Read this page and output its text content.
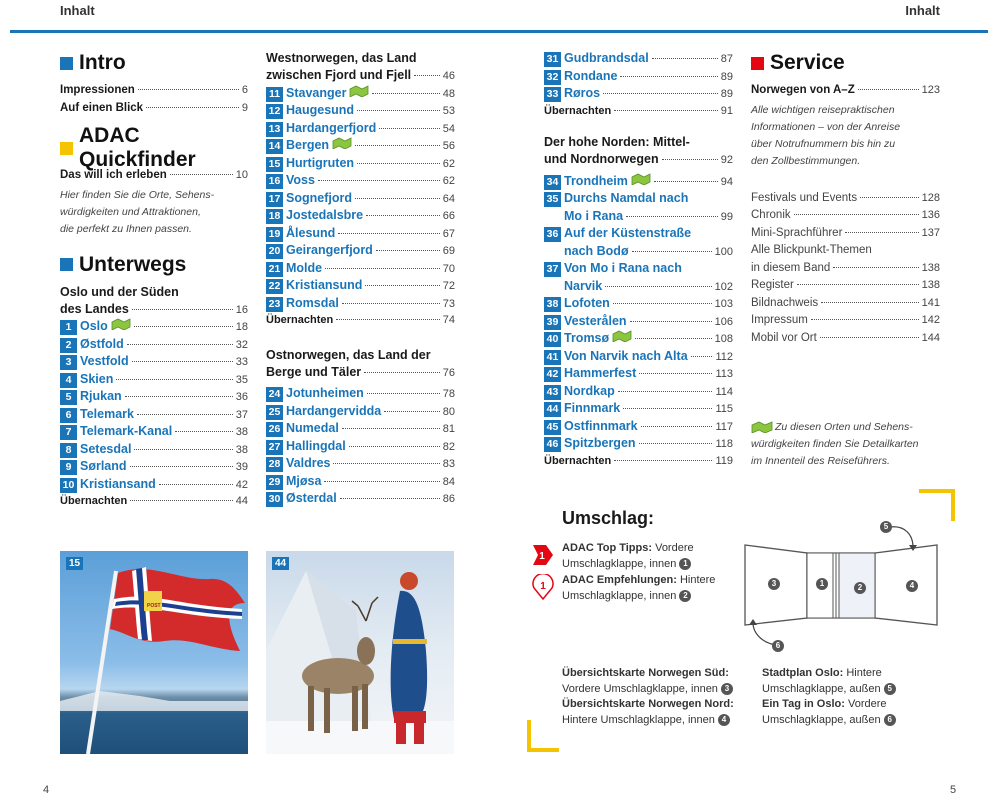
Inhalt	Inhalt
Intro
Impressionen	6
Auf einen Blick	9
ADAC Quickfinder
Das will ich erleben	10
Hier finden Sie die Orte, Sehens-
würdigkeiten und Attraktionen,
die perfekt zu Ihnen passen.
Unterwegs
Oslo und der Süden
des Landes	16
1 Oslo	18
2 Østfold	32
3 Vestfold	33
4 Skien	35
5 Rjukan	36
6 Telemark	37
7 Telemark-Kanal	38
8 Setesdal	38
9 Sørland	39
10 Kristiansand	42
Übernachten	44
Westnorwegen, das Land
zwischen Fjord und Fjell	46
11 Stavanger	48
12 Haugesund	53
13 Hardangerfjord	54
14 Bergen	56
15 Hurtigruten	62
16 Voss	62
17 Sognefjord	64
18 Jostedalsbre	66
19 Ålesund	67
20 Geirangerfjord	69
21 Molde	70
22 Kristiansund	72
23 Romsdal	73
Übernachten	74
Ostnorwegen, das Land der
Berge und Täler	76
24 Jotunheimen	78
25 Hardangervidda	80
26 Numedal	81
27 Hallingdal	82
28 Valdres	83
29 Mjøsa	84
30 Østerdal	86
31 Gudbrandsdal	87
32 Rondane	89
33 Røros	89
Übernachten	91
Der hohe Norden: Mittel-
und Nordnorwegen	92
34 Trondheim	94
35 Durchs Namdal nach
Mo i Rana	99
36 Auf der Küstenstraße
nach Bodø	100
37 Von Mo i Rana nach
Narvik	102
38 Lofoten	103
39 Vesterålen	106
40 Tromsø	108
41 Von Narvik nach Alta	112
42 Hammerfest	113
43 Nordkap	114
44 Finnmark	115
45 Ostfinnmark	117
46 Spitzbergen	118
Übernachten	119
Service
Norwegen von A–Z	123
Alle wichtigen reisepraktischen
Informationen – von der Anreise
über Notrufnummern bis hin zu
den Zollbestimmungen.
Festivals und Events	128
Chronik	136
Mini-Sprachführer	137
Alle Blickpunkt-Themen
in diesem Band	138
Register	138
Bildnachweis	141
Impressum	142
Mobil vor Ort	144
Zu diesen Orten und Sehens-
würdigkeiten finden Sie Detailkarten
im Innenteil des Reiseführers.
15
POST
44
Umschlag:
1
ADAC Top Tipps: Vordere
Umschlagklappe, innen 1
1
ADAC Empfehlungen: Hintere
Umschlagklappe, innen 2
3	1	2	4
5
6
Übersichtskarte Norwegen Süd:
Vordere Umschlagklappe, innen 3
Übersichtskarte Norwegen Nord:
Hintere Umschlagklappe, innen 4
Stadtplan Oslo: Hintere
Umschlagklappe, außen 5
Ein Tag in Oslo: Vordere
Umschlagklappe, außen 6
4	5
